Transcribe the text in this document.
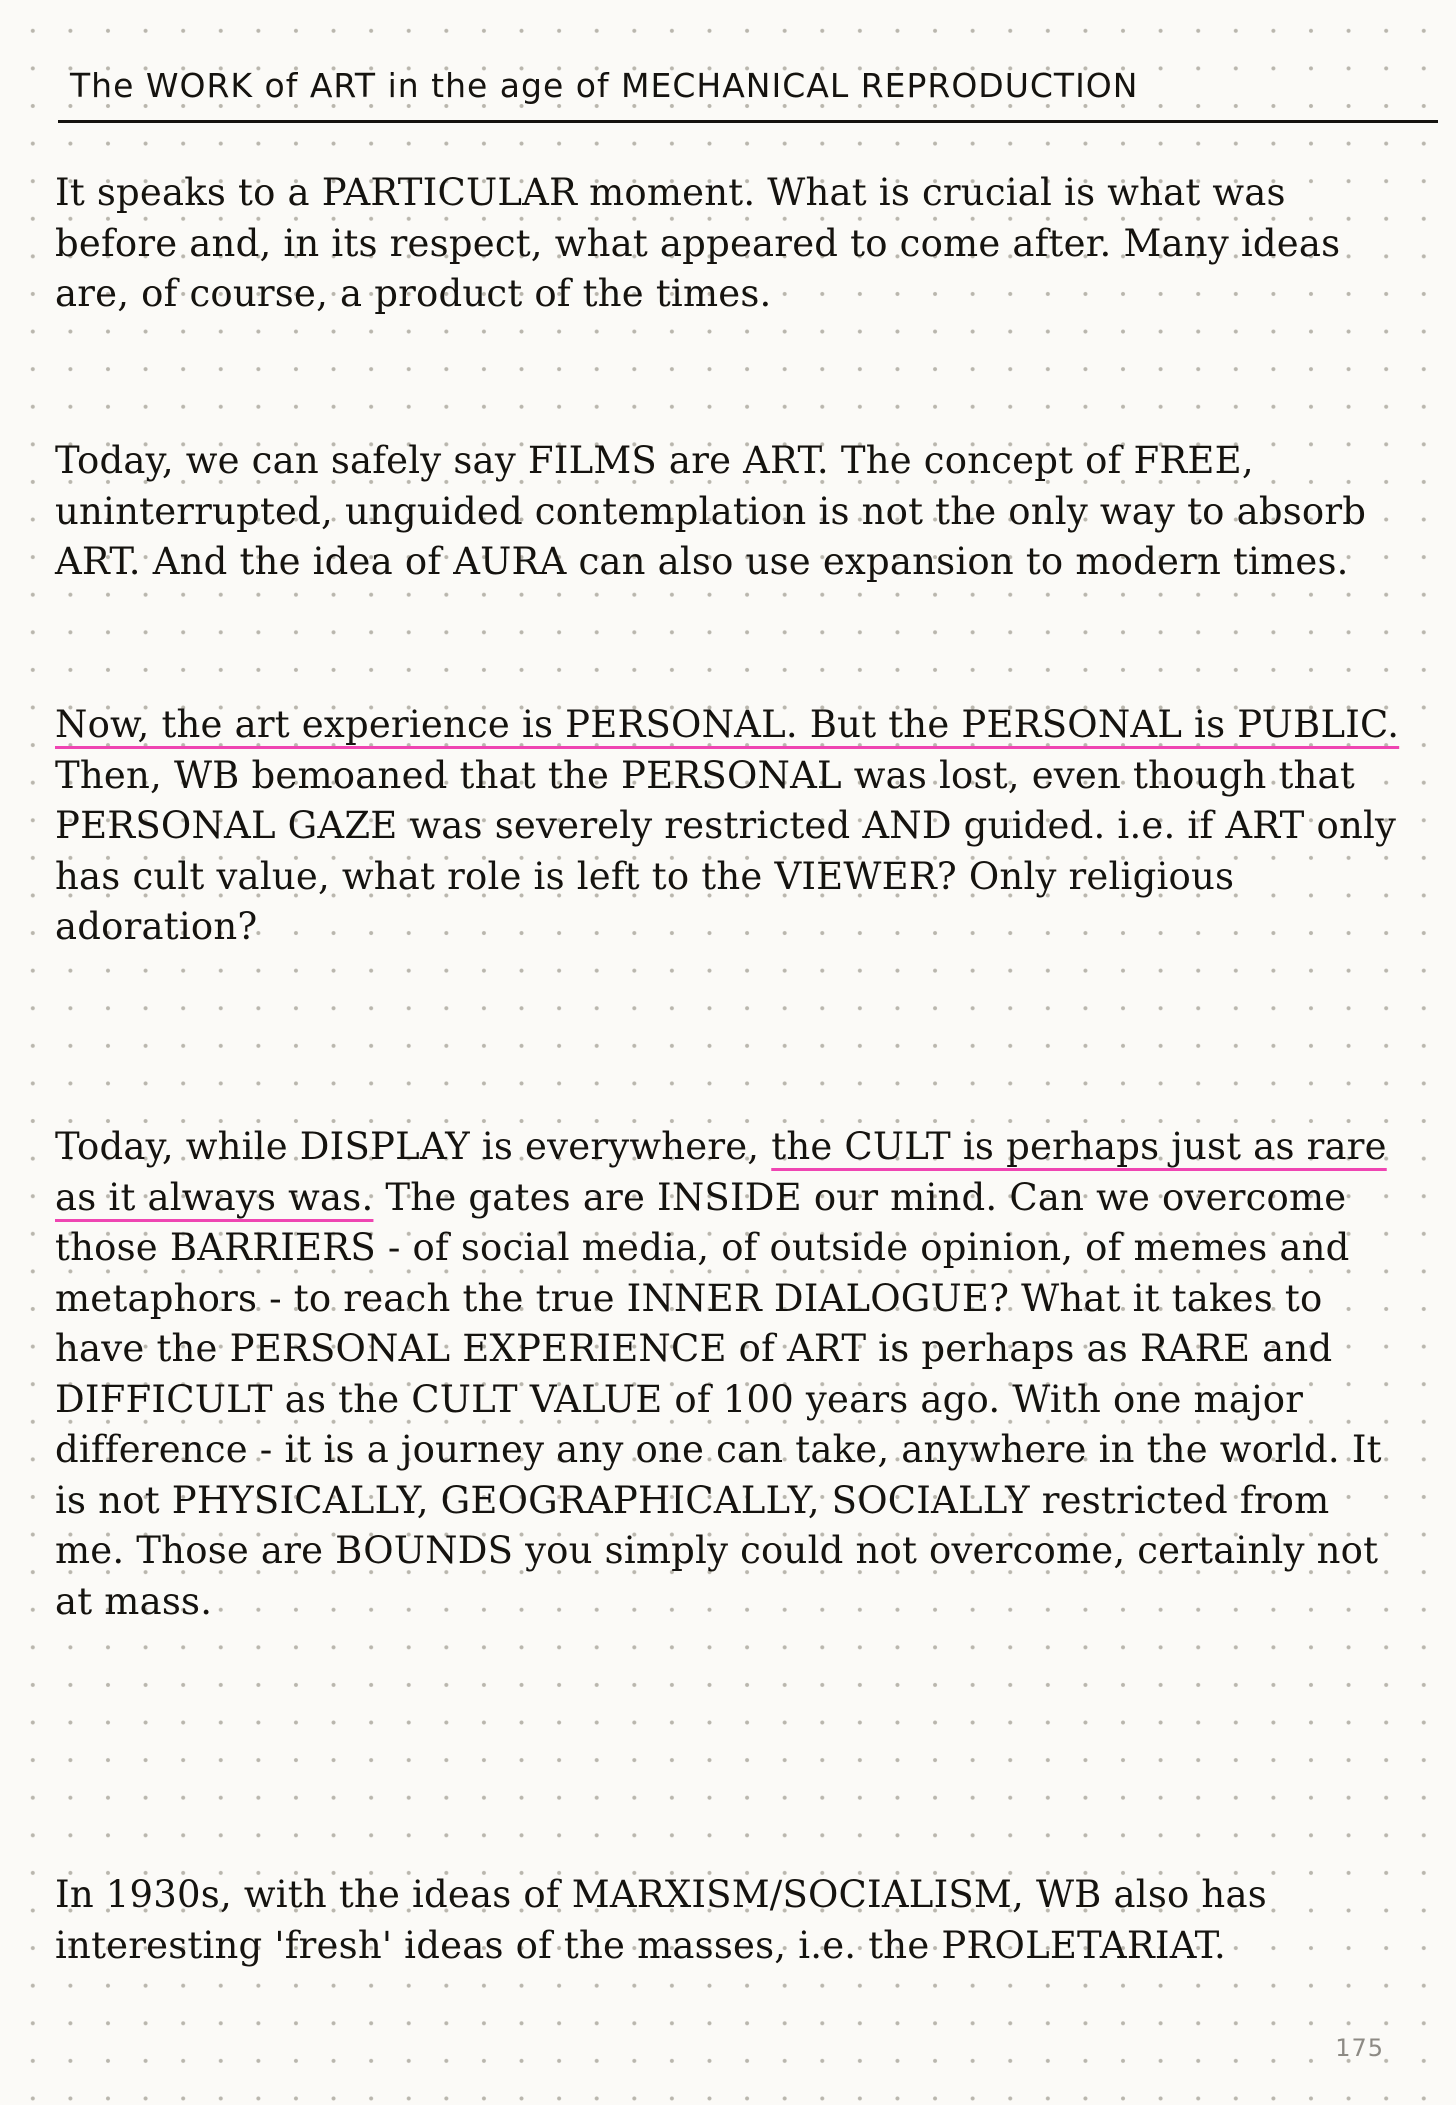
The WORK of ART in the age of MECHANICAL REPRODUCTION

It speaks to a PARTICULAR moment. What is crucial is what was before and, in its respect, what appeared to come after. Many ideas are, of course, a product of the times.

Today, we can safely say FILMS are ART. The concept of FREE, uninterrupted, unguided contemplation is not the only way to absorb ART. And the idea of AURA can also use expansion to modern times.

Now, the art experience is PERSONAL. But the PERSONAL is PUBLIC.
Then, WB bemoaned that the PERSONAL was lost, even though that PERSONAL GAZE was severely restricted AND guided. i.e. if ART only has cult value, what role is left to the VIEWER? Only religious adoration?

Today, while DISPLAY is everywhere, the CULT is perhaps just as rare as it always was. The gates are INSIDE our mind. Can we overcome those BARRIERS - of social media, of outside opinion, of memes and metaphors - to reach the true INNER DIALOGUE? What it takes to have the PERSONAL EXPERIENCE of ART is perhaps as RARE and DIFFICULT as the CULT VALUE of 100 years ago. With one major difference - it is a journey any one can take, anywhere in the world. It is not PHYSICALLY, GEOGRAPHICALLY, SOCIALLY restricted from me. Those are BOUNDS you simply could not overcome, certainly not at mass.

In 1930s, with the ideas of MARXISM/SOCIALISM, WB also has interesting 'fresh' ideas of the masses, i.e. the PROLETARIAT.

175
